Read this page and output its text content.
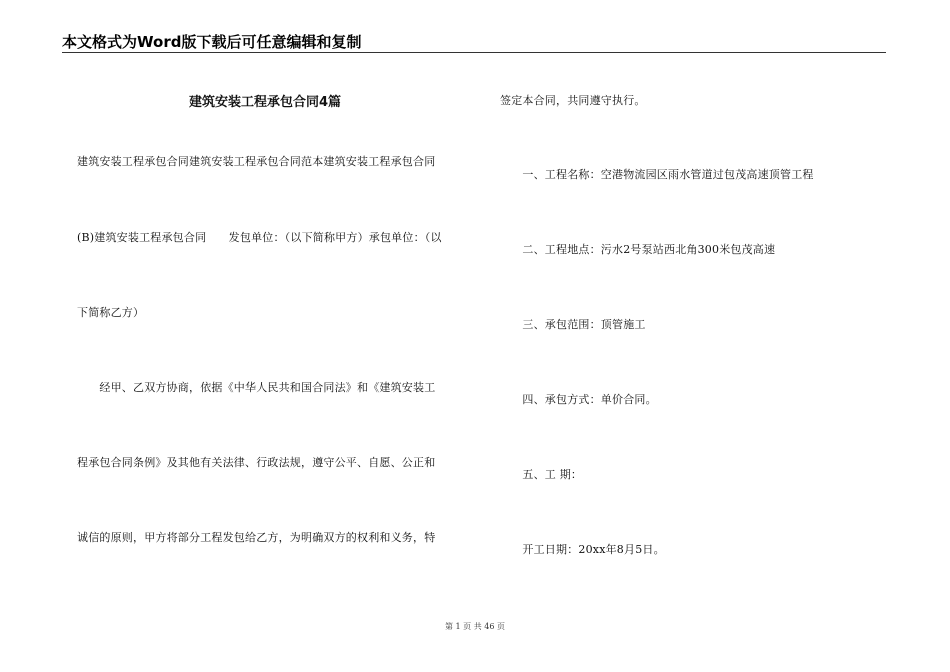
本文格式为Word版下载后可任意编辑和复制
建筑安装工程承包合同4篇
建筑安装工程承包合同建筑安装工程承包合同范本建筑安装工程承包合同
(B)建筑安装工程承包合同　　发包单位：（以下简称甲方）承包单位：（以
下简称乙方）
　　经甲、乙双方协商，依据《中华人民共和国合同法》和《建筑安装工
程承包合同条例》及其他有关法律、行政法规，遵守公平、自愿、公正和
诚信的原则，甲方将部分工程发包给乙方，为明确双方的权利和义务，特
签定本合同，共同遵守执行。
　　一、工程名称：空港物流园区雨水管道过包茂高速顶管工程
　　二、工程地点：污水2号泵站西北角300米包茂高速
　　三、承包范围：顶管施工
　　四、承包方式：单价合同。
　　五、工 期：
　　开工日期：20xx年8月5日。
第 1 页 共 46 页
